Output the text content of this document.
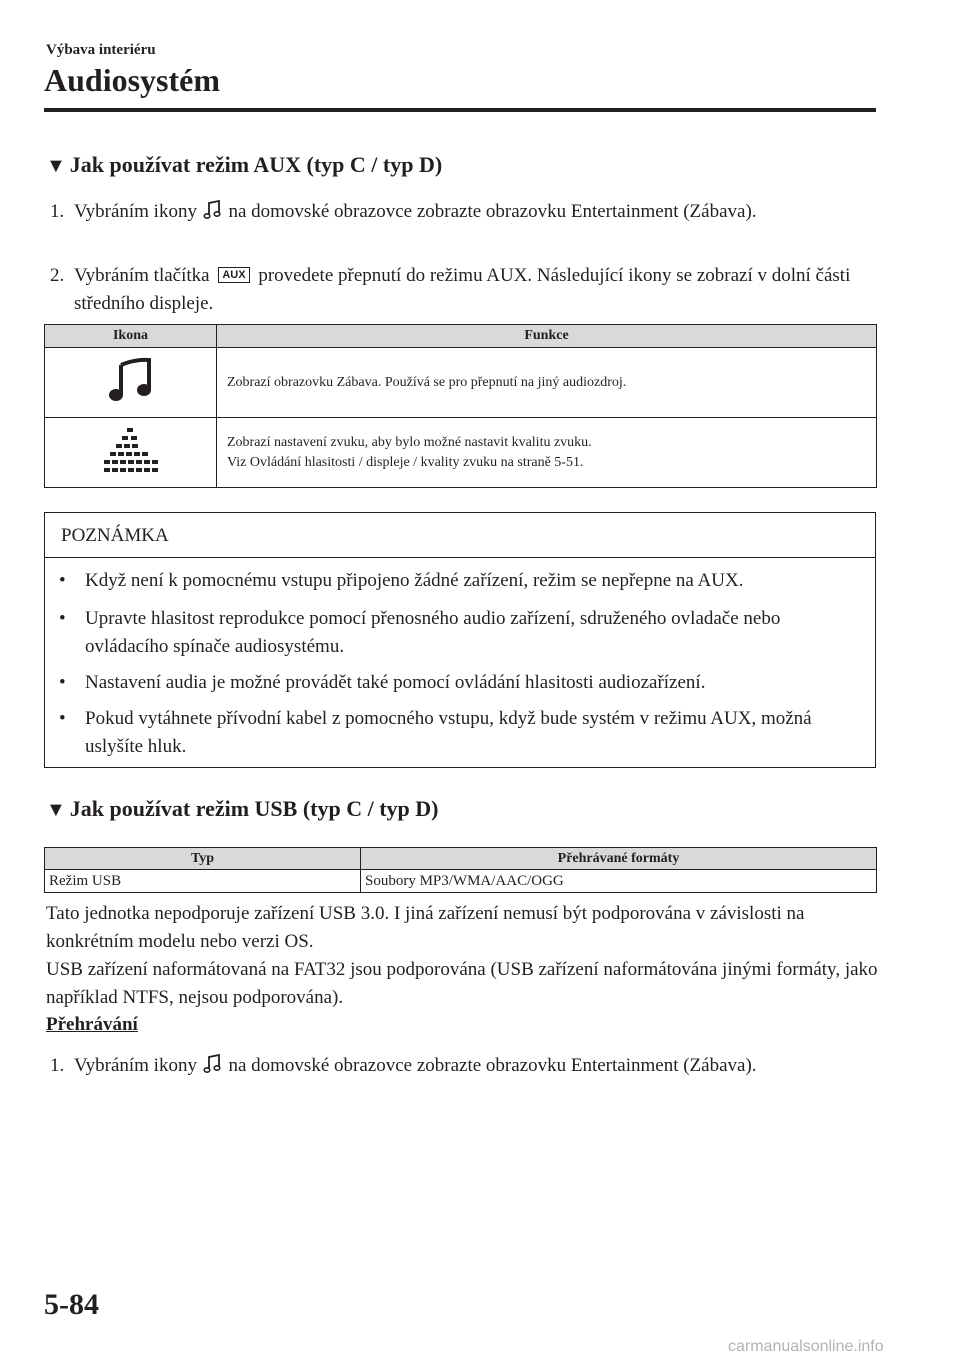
Výbava interiéru
Audiosystém
▼ Jak používat režim AUX (typ C / typ D)
1. Vybráním ikony na domovské obrazovce zobrazte obrazovku Entertainment (Zábava).
2. Vybráním tlačítka AUX provedete přepnutí do režimu AUX. Následující ikony se zobrazí v dolní části středního displeje.
Ikona	Funkce

Zobrazí obrazovku Zábava. Používá se pro přepnutí na jiný audiozdroj.

Zobrazí nastavení zvuku, aby bylo možné nastavit kvalitu zvuku.
Viz Ovládání hlasitosti / displeje / kvality zvuku na straně 5-51.
POZNÁMKA
•	Když není k pomocnému vstupu připojeno žádné zařízení, režim se nepřepne na AUX.
•	Upravte hlasitost reprodukce pomocí přenosného audio zařízení, sdruženého ovladače nebo ovládacího spínače audiosystému.
•	Nastavení audia je možné provádět také pomocí ovládání hlasitosti audiozařízení.
•	Pokud vytáhnete přívodní kabel z pomocného vstupu, když bude systém v režimu AUX, možná uslyšíte hluk.
▼ Jak používat režim USB (typ C / typ D)
Typ	Přehrávané formáty
Režim USB	Soubory MP3/WMA/AAC/OGG
Tato jednotka nepodporuje zařízení USB 3.0. I jiná zařízení nemusí být podporována v závislosti na konkrétním modelu nebo verzi OS.
USB zařízení naformátovaná na FAT32 jsou podporována (USB zařízení naformátována jinými formáty, jako například NTFS, nejsou podporována).
Přehrávání
1. Vybráním ikony na domovské obrazovce zobrazte obrazovku Entertainment (Zábava).
5-84
carmanualsonline.info
